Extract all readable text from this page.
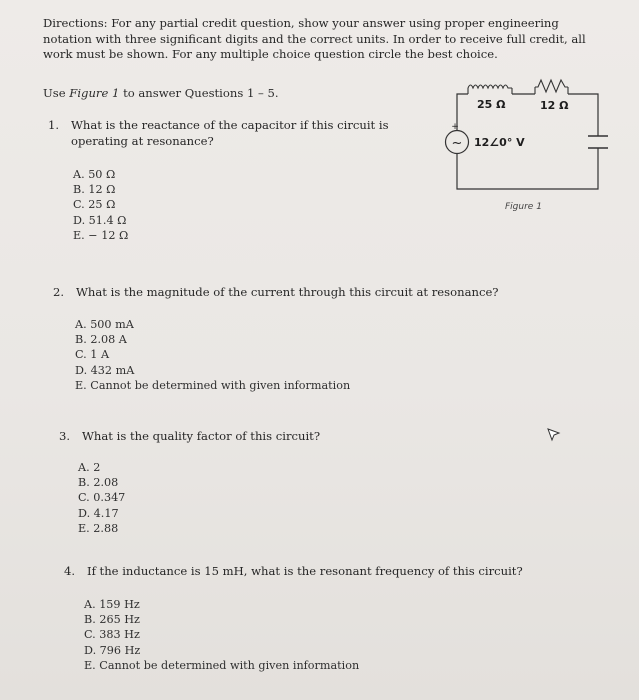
Directions: For any partial credit question, show your answer using proper engineering
notation with three significant digits and the correct units. In order to receive full credit, all
work must be shown. For any multiple choice question circle the best choice.
Use Figure 1 to answer Questions 1 – 5.
~
+
25 Ω	12 Ω
12∠0° V
Figure 1
1. What is the reactance of the capacitor if this circuit is
operating at resonance?
A. 50 Ω
B. 12 Ω
C. 25 Ω
D. 51.4 Ω
E. − 12 Ω
2. What is the magnitude of the current through this circuit at resonance?
A. 500 mA
B. 2.08 A
C. 1 A
D. 432 mA
E. Cannot be determined with given information
3. What is the quality factor of this circuit?
A. 2
B. 2.08
C. 0.347
D. 4.17
E. 2.88
4. If the inductance is 15 mH, what is the resonant frequency of this circuit?
A. 159 Hz
B. 265 Hz
C. 383 Hz
D. 796 Hz
E. Cannot be determined with given information
